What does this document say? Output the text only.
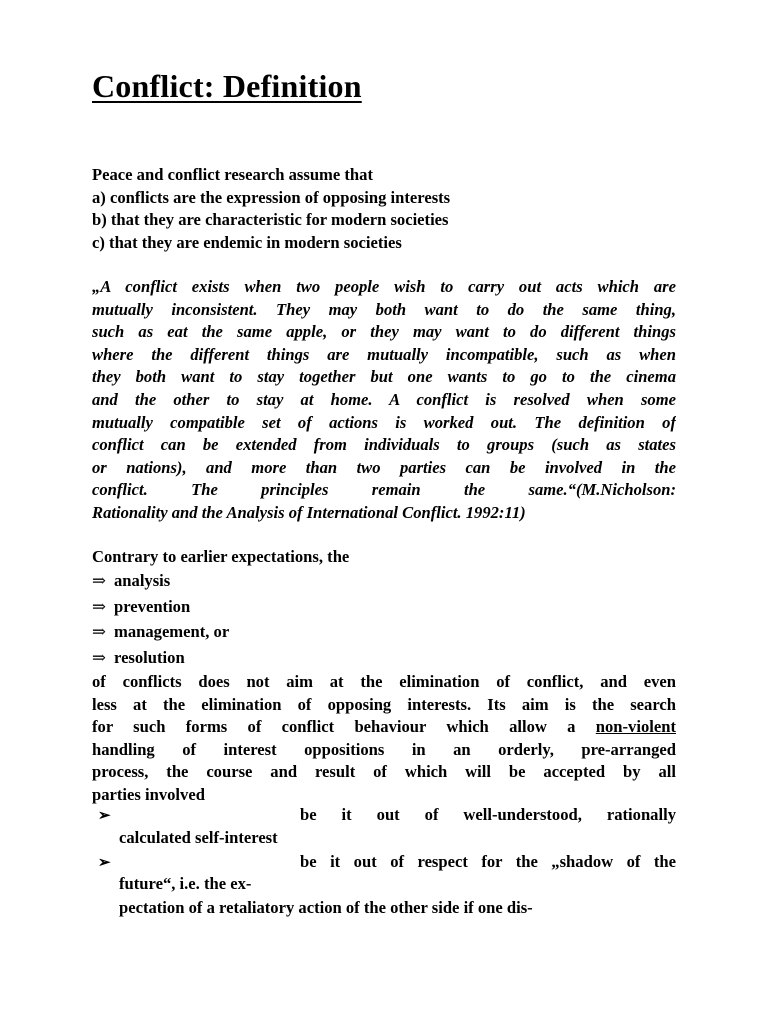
Conflict: Definition
Peace and conflict research assume that
a) conflicts are the expression of opposing interests
b) that they are characteristic for modern societies
c) that they are endemic in modern societies
„A conflict exists when two people wish to carry out acts which are
mutually inconsistent. They may both want to do the same thing,
such as eat the same apple, or they may want to do different things
where the different things are mutually incompatible, such as when
they both want to stay together but one wants to go to the cinema
and the other to stay at home. A conflict is resolved when some
mutually compatible set of actions is worked out. The definition of
conflict can be extended from individuals to groups (such as states
or nations), and more than two parties can be involved in the
conflict. The principles remain the same.“(M.Nicholson:
Rationality and the Analysis of International Conflict. 1992:11)
Contrary to earlier expectations, the
⇒ analysis
⇒ prevention
⇒ management, or
⇒ resolution
of conflicts does not aim at the elimination of conflict, and even
less at the elimination of opposing interests. Its aim is the search
for such forms of conflict behaviour which allow a non-violent
handling of interest oppositions in an orderly, pre-arranged
process, the course and result of which will be accepted by all
parties involved
➢	be it out of well-understood, rationally
calculated self-interest
➢	be it out of respect for the „shadow of the
future“, i.e. the ex-
pectation of a retaliatory action of the other side if one dis-
